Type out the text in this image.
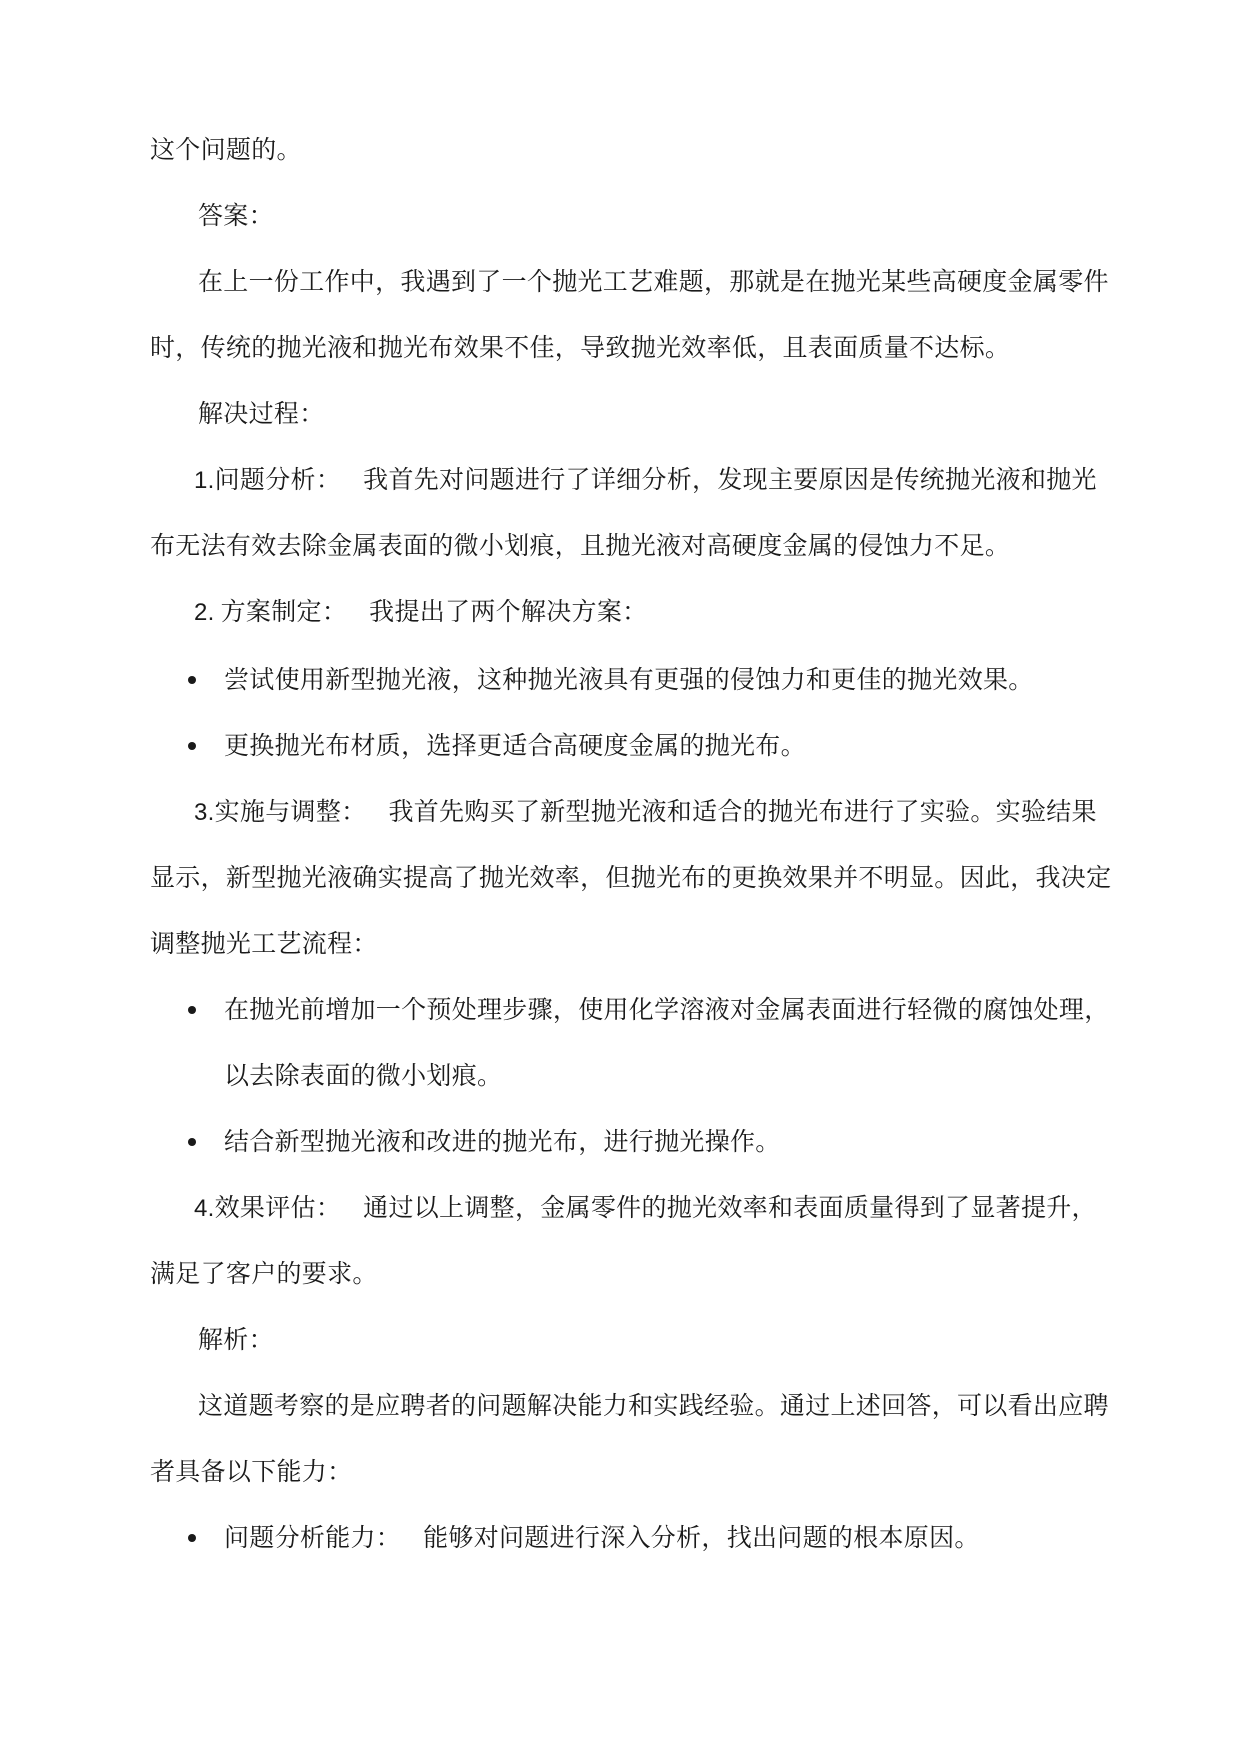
这个问题的。
答案：
在上一份工作中，我遇到了一个抛光工艺难题，那就是在抛光某些高硬度金属零件
时，传统的抛光液和抛光布效果不佳，导致抛光效率低，且表面质量不达标。
解决过程：
1.问题分析： 我首先对问题进行了详细分析，发现主要原因是传统抛光液和抛光
布无法有效去除金属表面的微小划痕，且抛光液对高硬度金属的侵蚀力不足。
2. 方案制定： 我提出了两个解决方案：
尝试使用新型抛光液，这种抛光液具有更强的侵蚀力和更佳的抛光效果。
更换抛光布材质，选择更适合高硬度金属的抛光布。
3.实施与调整： 我首先购买了新型抛光液和适合的抛光布进行了实验。实验结果
显示，新型抛光液确实提高了抛光效率，但抛光布的更换效果并不明显。因此，我决定
调整抛光工艺流程：
在抛光前增加一个预处理步骤，使用化学溶液对金属表面进行轻微的腐蚀处理，
以去除表面的微小划痕。
结合新型抛光液和改进的抛光布，进行抛光操作。
4.效果评估： 通过以上调整，金属零件的抛光效率和表面质量得到了显著提升，
满足了客户的要求。
解析：
这道题考察的是应聘者的问题解决能力和实践经验。通过上述回答，可以看出应聘
者具备以下能力：
问题分析能力： 能够对问题进行深入分析，找出问题的根本原因。
